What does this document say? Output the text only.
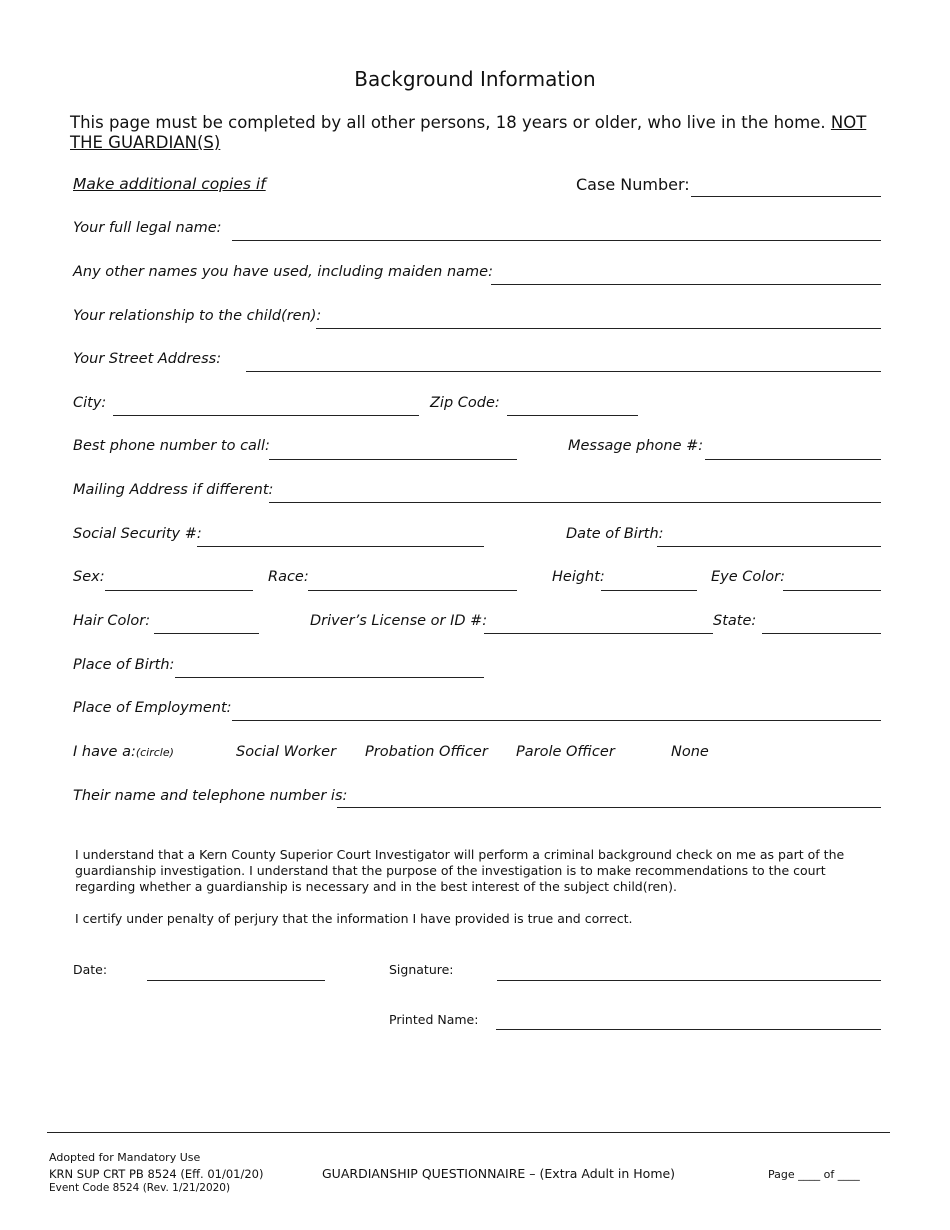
Background Information
This page must be completed by all other persons, 18 years or older, who live in the home. NOT THE GUARDIAN(S)
Make additional copies if	Case Number:
Your full legal name:
Any other names you have used, including maiden name:
Your relationship to the child(ren):
Your Street Address:
City:	Zip Code:
Best phone number to call:	Message phone #:
Mailing Address if different:
Social Security #:	Date of Birth:
Sex:	Race:	Height:	Eye Color:
Hair Color:	Driver’s License or ID #:	State:
Place of Birth:
Place of Employment:
I have a:(circle)	Social Worker Probation Officer Parole Officer	None
Their name and telephone number is:
I understand that a Kern County Superior Court Investigator will perform a criminal background check on me as part of the guardianship investigation. I understand that the purpose of the investigation is to make recommendations to the court regarding whether a guardianship is necessary and in the best interest of the subject child(ren).
I certify under penalty of perjury that the information I have provided is true and correct.
Date:	Signature:
Printed Name:
Adopted for Mandatory Use
KRN SUP CRT PB 8524 (Eff. 01/01/20)
Event Code 8524 (Rev. 1/21/2020)
GUARDIANSHIP QUESTIONNAIRE – (Extra Adult in Home)	Page ____ of ____
